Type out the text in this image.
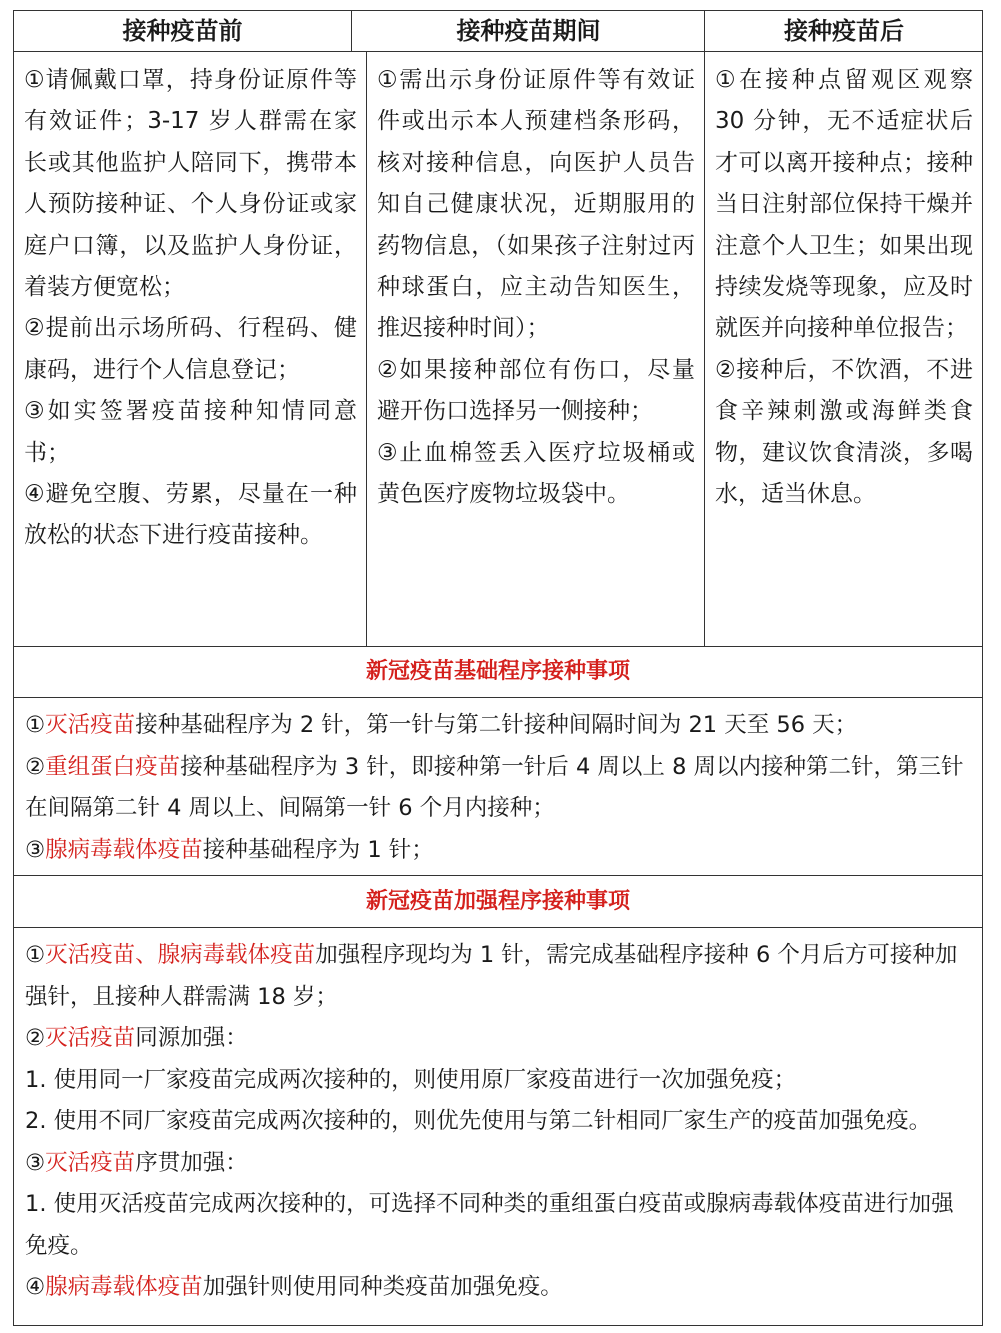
接种疫苗前	接种疫苗期间	接种疫苗后

①请佩戴口罩，持身份证原件等有效证件；3-17 岁人群需在家长或其他监护人陪同下，携带本人预防接种证、个人身份证或家庭户口簿，以及监护人身份证，着装方便宽松；

②提前出示场所码、行程码、健康码，进行个人信息登记；

③如实签署疫苗接种知情同意书；

④避免空腹、劳累，尽量在一种放松的状态下进行疫苗接种。

①需出示身份证原件等有效证件或出示本人预建档条形码，核对接种信息，向医护人员告知自己健康状况，近期服用的药物信息，（如果孩子注射过丙种球蛋白，应主动告知医生，推迟接种时间）；

②如果接种部位有伤口，尽量避开伤口选择另一侧接种；

③止血棉签丢入医疗垃圾桶或黄色医疗废物垃圾袋中。

①在接种点留观区观察 30 分钟，无不适症状后才可以离开接种点；接种当日注射部位保持干燥并注意个人卫生；如果出现持续发烧等现象，应及时就医并向接种单位报告；

②接种后，不饮酒，不进食辛辣刺激或海鲜类食物，建议饮食清淡，多喝水，适当休息。

新冠疫苗基础程序接种事项

①灭活疫苗接种基础程序为 2 针，第一针与第二针接种间隔时间为 21 天至 56 天；

②重组蛋白疫苗接种基础程序为 3 针，即接种第一针后 4 周以上 8 周以内接种第二针，第三针在间隔第二针 4 周以上、间隔第一针 6 个月内接种；

③腺病毒载体疫苗接种基础程序为 1 针；

新冠疫苗加强程序接种事项

①灭活疫苗、腺病毒载体疫苗加强程序现均为 1 针，需完成基础程序接种 6 个月后方可接种加强针，且接种人群需满 18 岁；

②灭活疫苗同源加强：

1. 使用同一厂家疫苗完成两次接种的，则使用原厂家疫苗进行一次加强免疫；

2. 使用不同厂家疫苗完成两次接种的，则优先使用与第二针相同厂家生产的疫苗加强免疫。

③灭活疫苗序贯加强：

1. 使用灭活疫苗完成两次接种的，可选择不同种类的重组蛋白疫苗或腺病毒载体疫苗进行加强免疫。

④腺病毒载体疫苗加强针则使用同种类疫苗加强免疫。
